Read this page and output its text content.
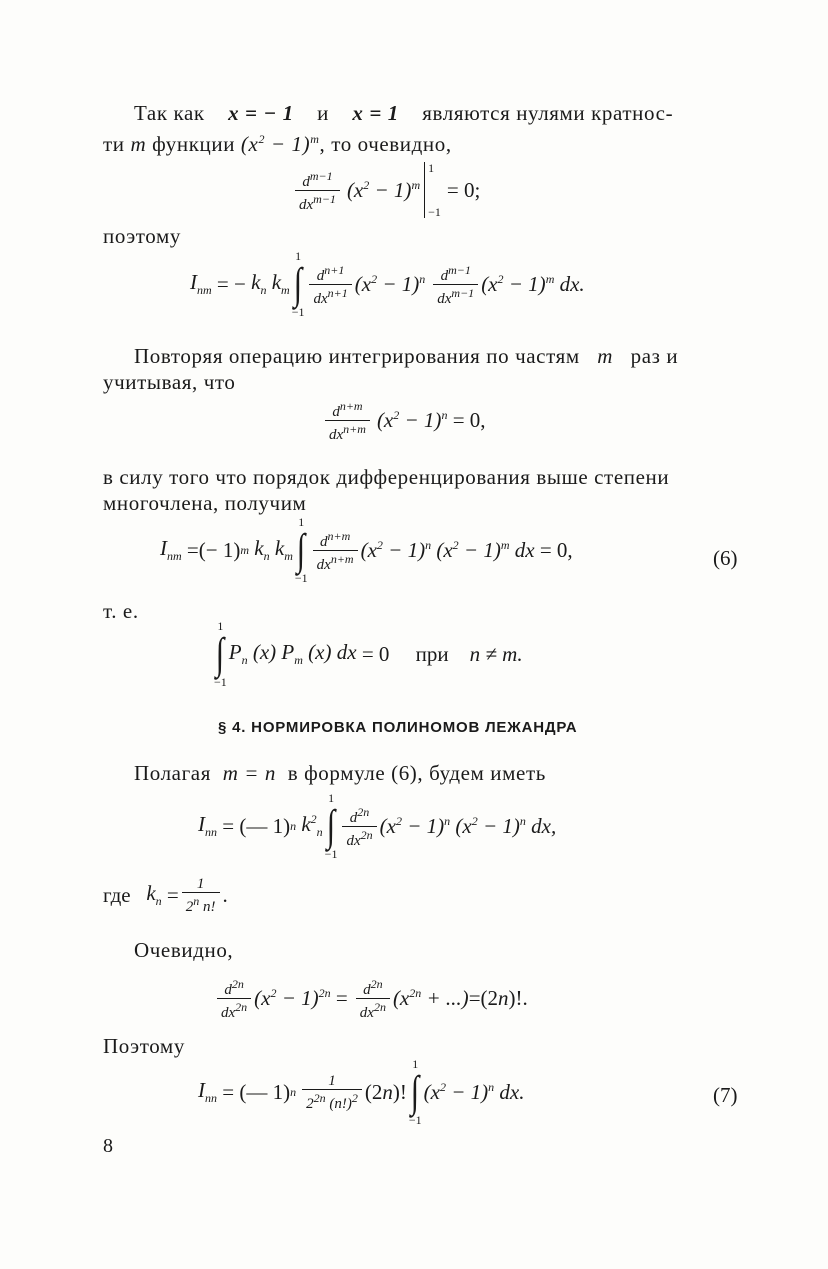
Так как x = − 1 и x = 1 являются нулями кратнос-
ти m функции $(x^2 - 1)^m$, то очевидно,
$\frac{d^{m-1}}{dx^{m-1}} (x^2 - 1)^m$
1
−1
= 0;
поэтому
$I_{nm}$ = − $k_n$ $k_m$
1
∫
−1
$\frac{d^{n+1}}{dx^{n+1}} (x^2 - 1)^n \frac{d^{m-1}}{dx^{m-1}} (x^2 - 1)^m$ dx.
Повторяя операцию интегрирования по частям m раз и
учитывая, что
$\frac{d^{n+m}}{dx^{n+m}} (x^2 - 1)^n = 0$,
в силу того что порядок дифференцирования выше степени
многочлена, получим
$I_{nm}$ =(− 1) m
$k_n$ $k_m$
1
∫
−1
$\frac{d^{n+m}}{dx^{n+m}} (x^2 - 1)^n$ $(x^2 - 1)^m$ dx = 0,	(6)
т. е.
1
∫
−1
$P_n$ (x) $P_m$ (x) dx = 0 при
n ≠ m.
§ 4. НОРМИРОВКА ПОЛИНОМОВ ЛЕЖАНДРА
Полагая m = n в формуле (6), будем иметь
$I_{nn}$ = (— 1) n
$k^2_n$
1
∫
−1
$\frac{d^{2n}}{dx^{2n}} (x^2 - 1)^n$ $(x^2 - 1)^n$ dx,
где
$k_n = \frac{1}{2^n n!}$ .
Очевидно,
$\frac{d^{2n}}{dx^{2n}} (x^2 - 1)^{2n} = \frac{d^{2n}}{dx^{2n}} (x^{2n}$ + ...) =(2 n )!.
Поэтому
$I_{nn}$ = (— 1) n $\frac{1}{2^{2n} (n!)^2} (2$ n )!
1
∫
−1
$(x^2 - 1)^n$ dx.	(7)
8
